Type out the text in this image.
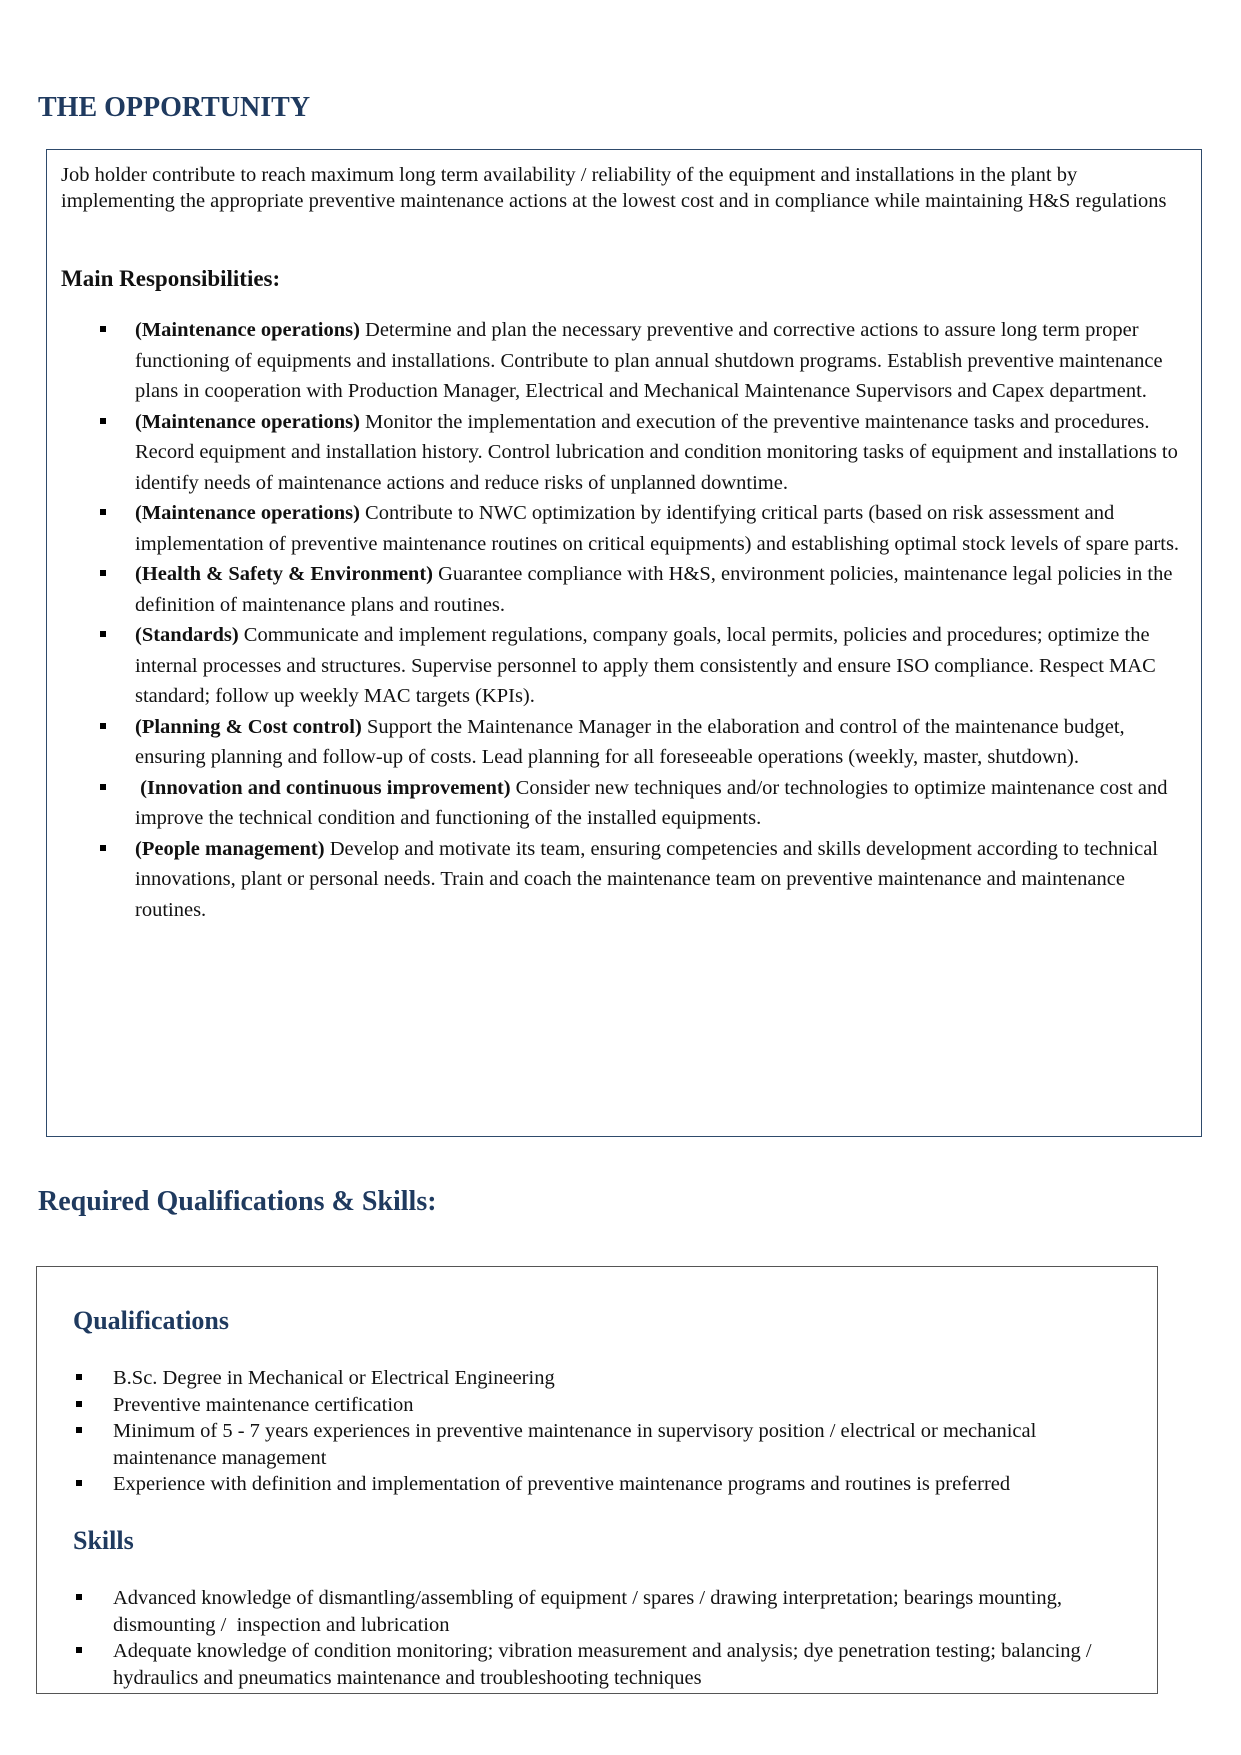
THE OPPORTUNITY

Job holder contribute to reach maximum long term availability / reliability of the equipment and installations in the plant by implementing the appropriate preventive maintenance actions at the lowest cost and in compliance while maintaining H&S regulations

Main Responsibilities:
(Maintenance operations) Determine and plan the necessary preventive and corrective actions to assure long term proper functioning of equipments and installations. Contribute to plan annual shutdown programs. Establish preventive maintenance plans in cooperation with Production Manager, Electrical and Mechanical Maintenance Supervisors and Capex department.
(Maintenance operations) Monitor the implementation and execution of the preventive maintenance tasks and procedures. Record equipment and installation history. Control lubrication and condition monitoring tasks of equipment and installations to identify needs of maintenance actions and reduce risks of unplanned downtime.
(Maintenance operations) Contribute to NWC optimization by identifying critical parts (based on risk assessment and implementation of preventive maintenance routines on critical equipments) and establishing optimal stock levels of spare parts.
(Health & Safety & Environment) Guarantee compliance with H&S, environment policies, maintenance legal policies in the definition of maintenance plans and routines.
(Standards) Communicate and implement regulations, company goals, local permits, policies and procedures; optimize the internal processes and structures. Supervise personnel to apply them consistently and ensure ISO compliance. Respect MAC standard; follow up weekly MAC targets (KPIs).
(Planning & Cost control) Support the Maintenance Manager in the elaboration and control of the maintenance budget, ensuring planning and follow-up of costs. Lead planning for all foreseeable operations (weekly, master, shutdown).
(Innovation and continuous improvement) Consider new techniques and/or technologies to optimize maintenance cost and improve the technical condition and functioning of the installed equipments.
(People management) Develop and motivate its team, ensuring competencies and skills development according to technical innovations, plant or personal needs. Train and coach the maintenance team on preventive maintenance and maintenance routines.
Required Qualifications & Skills:
Qualifications
B.Sc. Degree in Mechanical or Electrical Engineering
Preventive maintenance certification
Minimum of 5 - 7 years experiences in preventive maintenance in supervisory position / electrical or mechanical maintenance management
Experience with definition and implementation of preventive maintenance programs and routines is preferred
Skills
Advanced knowledge of dismantling/assembling of equipment / spares / drawing interpretation; bearings mounting, dismounting /  inspection and lubrication
Adequate knowledge of condition monitoring; vibration measurement and analysis; dye penetration testing; balancing / hydraulics and pneumatics maintenance and troubleshooting techniques
